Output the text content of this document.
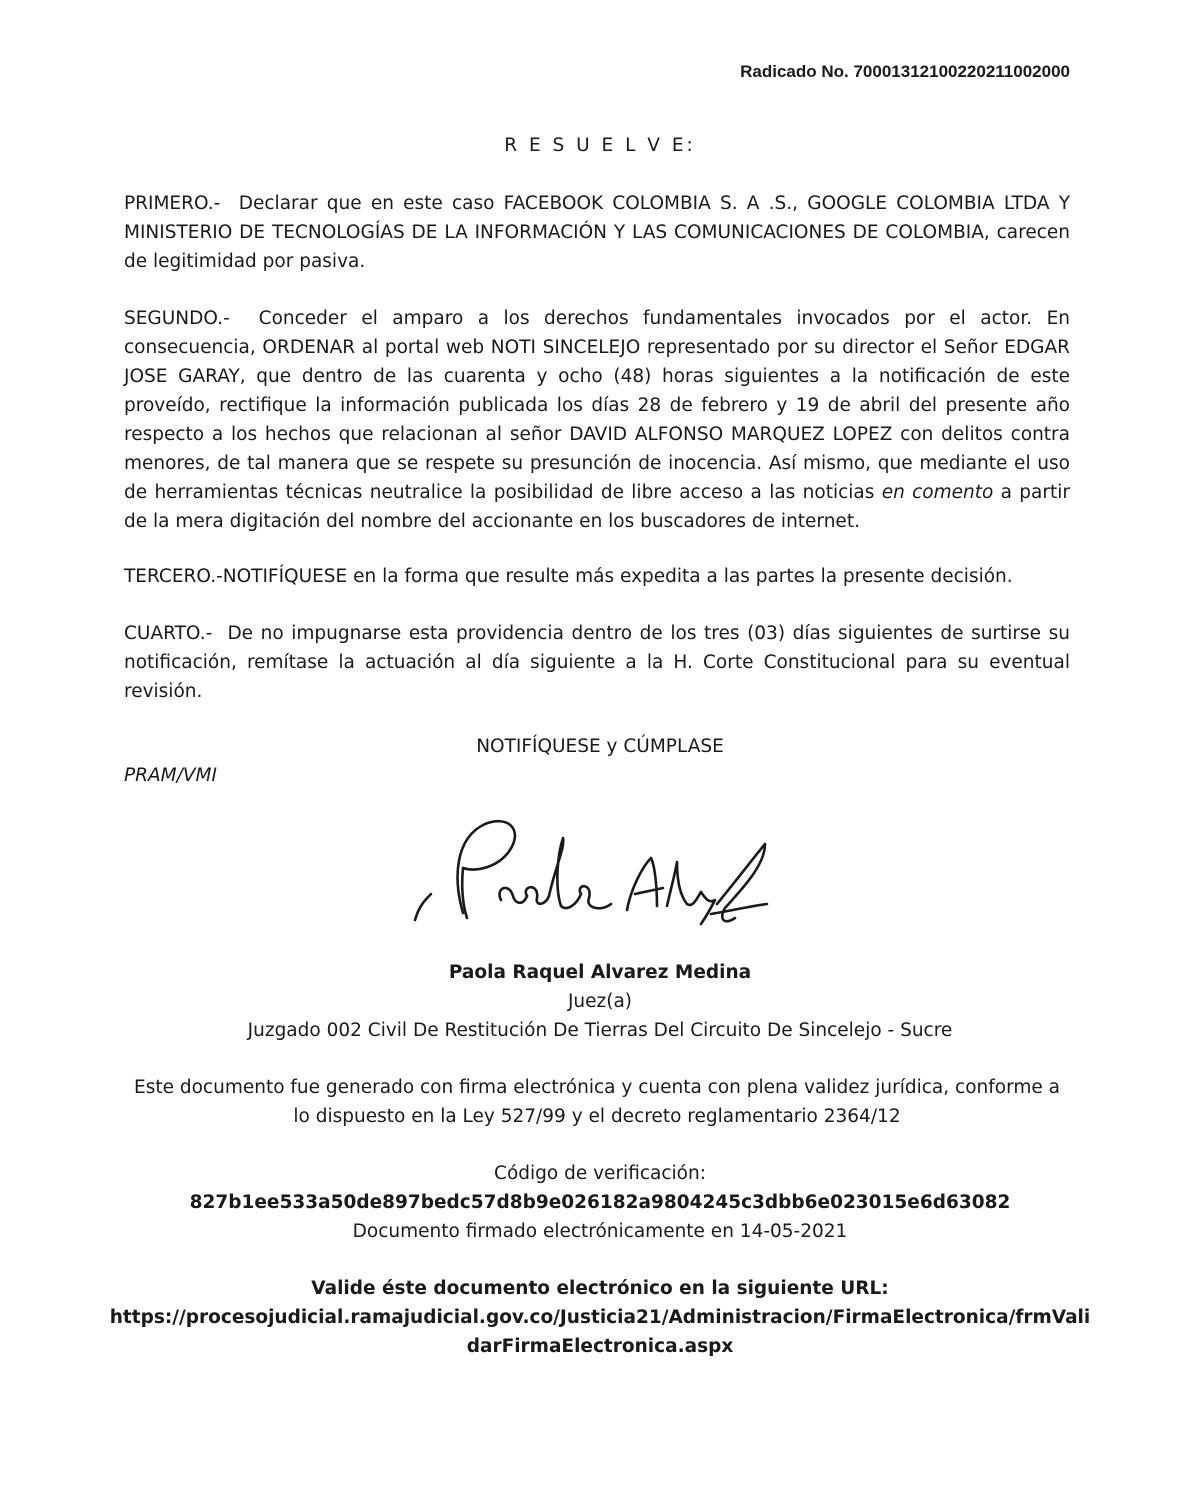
Radicado No. 70001312100220211002000
R E S U E L V E:
PRIMERO.- Declarar que en este caso FACEBOOK COLOMBIA S. A .S., GOOGLE COLOMBIA LTDA Y MINISTERIO DE TECNOLOGÍAS DE LA INFORMACIÓN Y LAS COMUNICACIONES DE COLOMBIA, carecen de legitimidad por pasiva.
SEGUNDO.- Conceder el amparo a los derechos fundamentales invocados por el actor. En consecuencia, ORDENAR al portal web NOTI SINCELEJO representado por su director el Señor EDGAR JOSE GARAY, que dentro de las cuarenta y ocho (48) horas siguientes a la notificación de este proveído, rectifique la información publicada los días 28 de febrero y 19 de abril del presente año respecto a los hechos que relacionan al señor DAVID ALFONSO MARQUEZ LOPEZ con delitos contra menores, de tal manera que se respete su presunción de inocencia. Así mismo, que mediante el uso de herramientas técnicas neutralice la posibilidad de libre acceso a las noticias en comento a partir de la mera digitación del nombre del accionante en los buscadores de internet.
TERCERO.-NOTIFÍQUESE en la forma que resulte más expedita a las partes la presente decisión.
CUARTO.- De no impugnarse esta providencia dentro de los tres (03) días siguientes de surtirse su notificación, remítase la actuación al día siguiente a la H. Corte Constitucional para su eventual revisión.
NOTIFÍQUESE y CÚMPLASE
PRAM/VMI
Paola Raquel Alvarez Medina
Juez(a)
Juzgado 002 Civil De Restitución De Tierras Del Circuito De Sincelejo - Sucre
Este documento fue generado con firma electrónica y cuenta con plena validez jurídica, conforme a lo dispuesto en la Ley 527/99 y el decreto reglamentario 2364/12
Código de verificación:
827b1ee533a50de897bedc57d8b9e026182a9804245c3dbb6e023015e6d63082
Documento firmado electrónicamente en 14-05-2021
Valide éste documento electrónico en la siguiente URL:
https://procesojudicial.ramajudicial.gov.co/Justicia21/Administracion/FirmaElectronica/frmVali
darFirmaElectronica.aspx
